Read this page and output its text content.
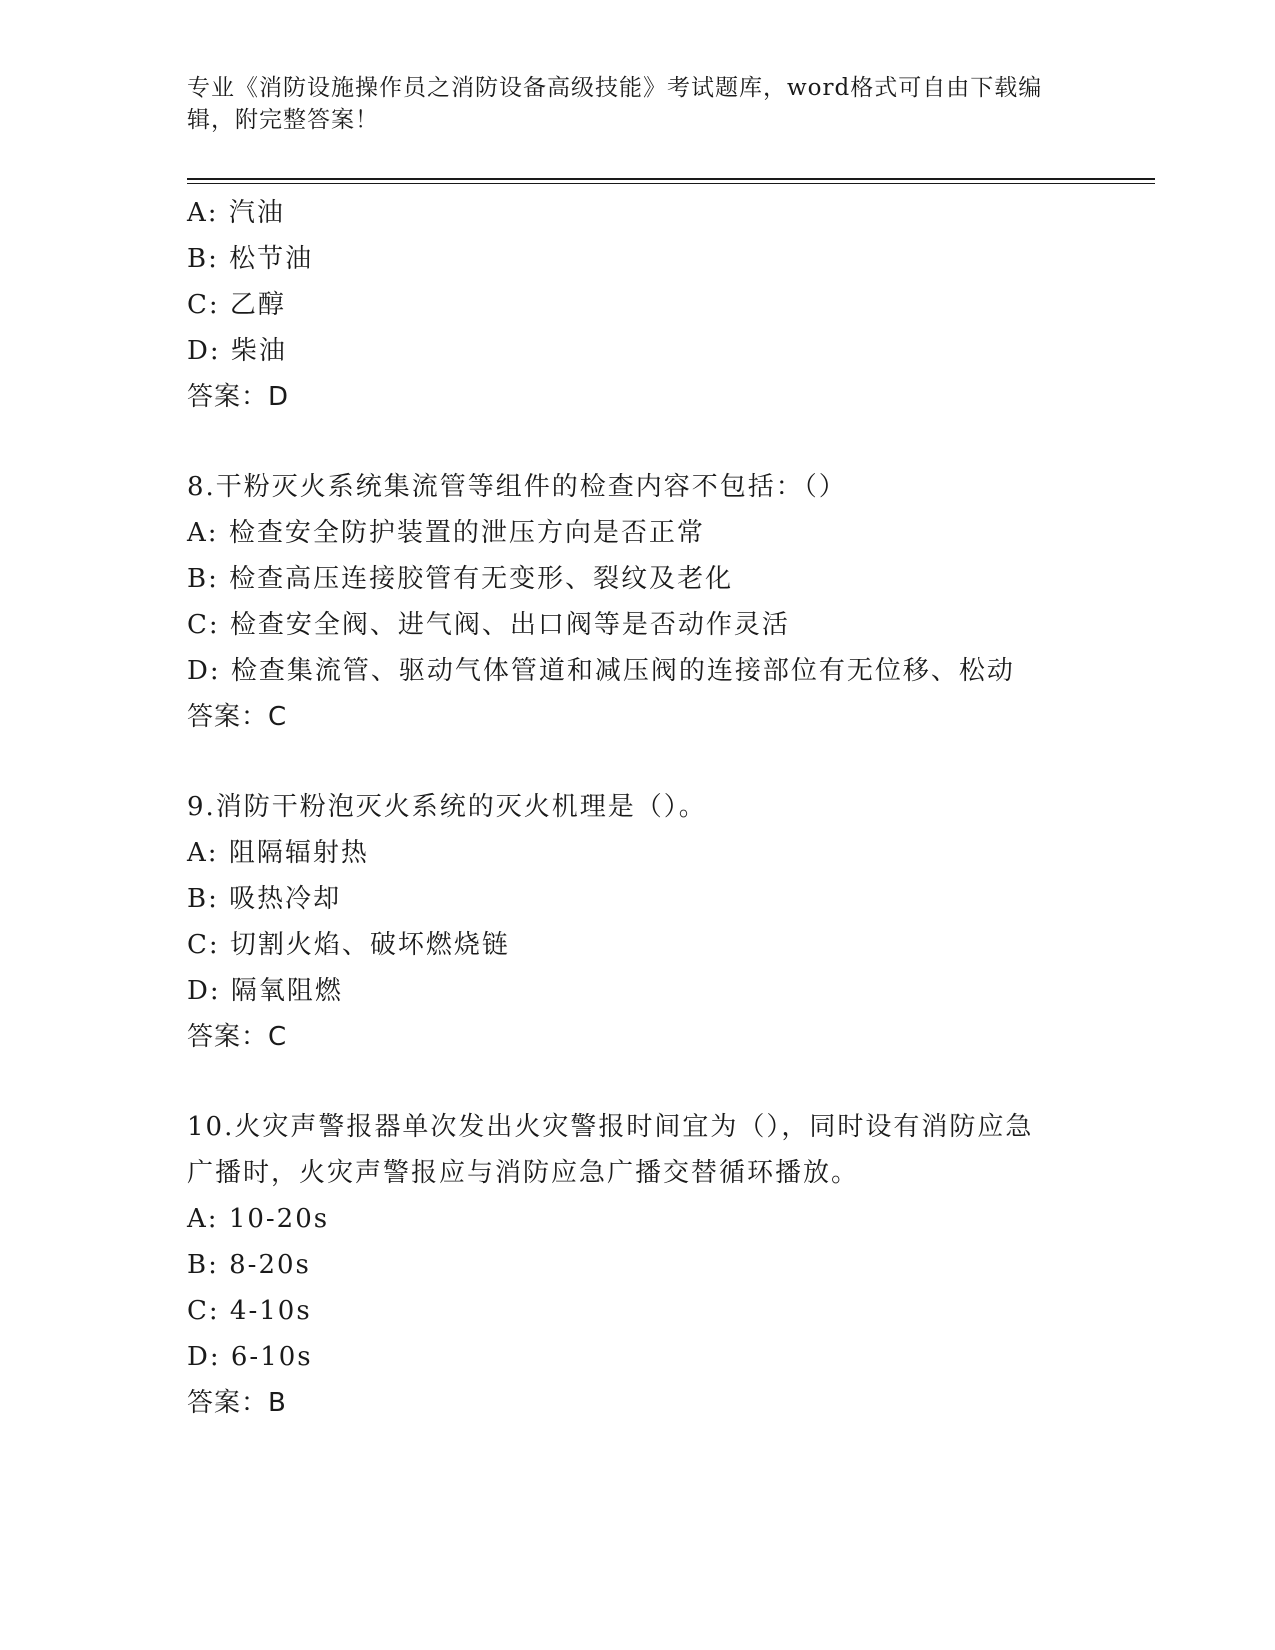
专业《消防设施操作员之消防设备高级技能》考试题库，word格式可自由下载编
辑，附完整答案！
A: 汽油
B: 松节油
C: 乙醇
D: 柴油
答案：D
8.干粉灭火系统集流管等组件的检查内容不包括：（）
A: 检查安全防护装置的泄压方向是否正常
B: 检查高压连接胶管有无变形、裂纹及老化
C: 检查安全阀、进气阀、出口阀等是否动作灵活
D: 检查集流管、驱动气体管道和减压阀的连接部位有无位移、松动
答案：C
9.消防干粉泡灭火系统的灭火机理是（）。
A: 阻隔辐射热
B: 吸热冷却
C: 切割火焰、破坏燃烧链
D: 隔氧阻燃
答案：C
10.火灾声警报器单次发出火灾警报时间宜为（），同时设有消防应急
广播时，火灾声警报应与消防应急广播交替循环播放。
A: 10-20s
B: 8-20s
C: 4-10s
D: 6-10s
答案：B
